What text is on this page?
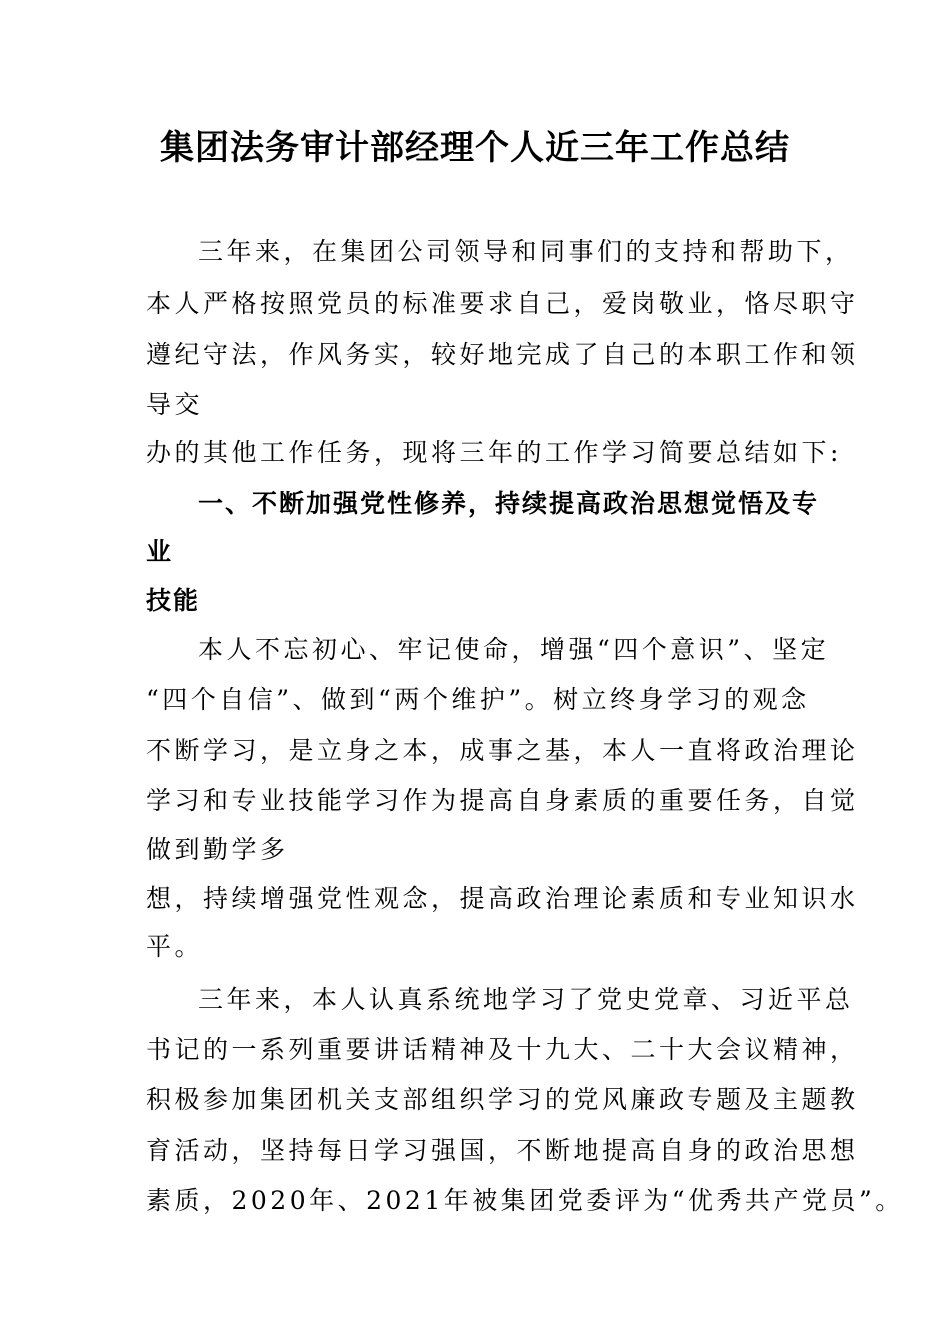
集团法务审计部经理个人近三年工作总结
三年来，在集团公司领导和同事们的支持和帮助下，
本人严格按照党员的标准要求自己，爱岗敬业，恪尽职守
遵纪守法，作风务实，较好地完成了自己的本职工作和领
导交
办的其他工作任务，现将三年的工作学习简要总结如下:
一、不断加强党性修养，持续提高政治思想觉悟及专
业
技能
本人不忘初心、牢记使命，增强“四个意识”、坚定
“四个自信”、做到“两个维护”。树立终身学习的观念
不断学习，是立身之本，成事之基，本人一直将政治理论
学习和专业技能学习作为提高自身素质的重要任务，自觉
做到勤学多
想，持续增强党性观念，提高政治理论素质和专业知识水
平。
三年来，本人认真系统地学习了党史党章、习近平总
书记的一系列重要讲话精神及十九大、二十大会议精神，
积极参加集团机关支部组织学习的党风廉政专题及主题教
育活动，坚持每日学习强国，不断地提高自身的政治思想
素质，2020年、2021年被集团党委评为“优秀共产党员”。
